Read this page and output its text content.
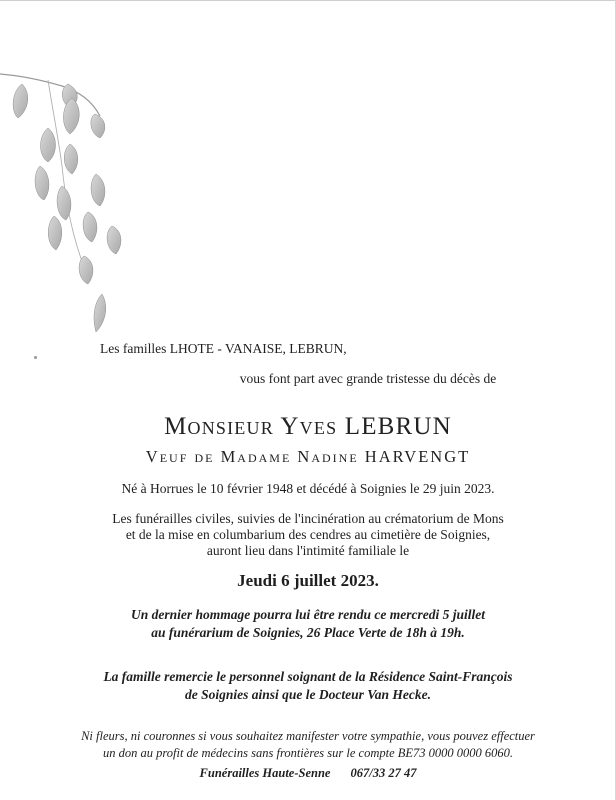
Les familles LHOTE - VANAISE, LEBRUN,

vous font part avec grande tristesse du décès de

Monsieur Yves LEBRUN

Veuf de Madame Nadine HARVENGT

Né à Horrues le 10 février 1948 et décédé à Soignies le 29 juin 2023.

Les funérailles civiles, suivies de l'incinération au crématorium de Mons

et de la mise en columbarium des cendres au cimetière de Soignies,

auront lieu dans l'intimité familiale le

Jeudi 6 juillet 2023.

Un dernier hommage pourra lui être rendu ce mercredi 5 juillet

au funérarium de Soignies, 26 Place Verte de 18h à 19h.

La famille remercie le personnel soignant de la Résidence Saint-François

de Soignies ainsi que le Docteur Van Hecke.

Ni fleurs, ni couronnes si vous souhaitez manifester votre sympathie, vous pouvez effectuer

un don au profit de médecins sans frontières sur le compte BE73 0000 0000 6060.

Funérailles Haute-Senne 067/33 27 47
